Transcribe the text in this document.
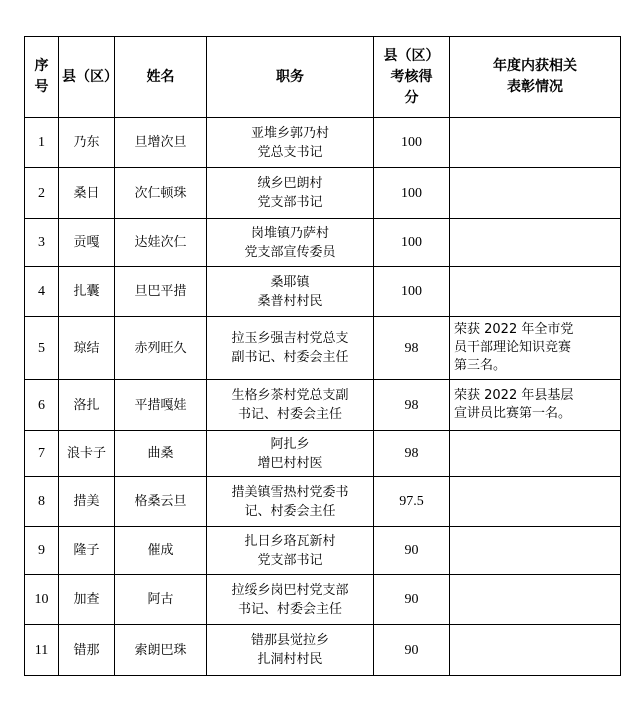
序
号	县（区）	姓名	职务	县（区）
考核得
分	年度内获相关
表彰情况
1	乃东	旦增次旦	亚堆乡郭乃村
党总支书记	100	
2	桑日	次仁顿珠	绒乡巴朗村
党支部书记	100	
3	贡嘎	达娃次仁	岗堆镇乃萨村
党支部宣传委员	100	
4	扎囊	旦巴平措	桑耶镇
桑普村村民	100	
5	琼结	赤列旺久	拉玉乡强吉村党总支
副书记、村委会主任	98	荣获 2022 年全市党
员干部理论知识竞赛
第三名。
6	洛扎	平措嘎娃	生格乡茶村党总支副
书记、村委会主任	98	荣获 2022 年县基层
宣讲员比赛第一名。
7	浪卡子	曲桑	阿扎乡
增巴村村医	98	
8	措美	格桑云旦	措美镇雪热村党委书
记、村委会主任	97.5	
9	隆子	催成	扎日乡珞瓦新村
党支部书记	90	
10	加查	阿古	拉绥乡岗巴村党支部
书记、村委会主任	90	
11	错那	索朗巴珠	错那县觉拉乡
扎洞村村民	90	
